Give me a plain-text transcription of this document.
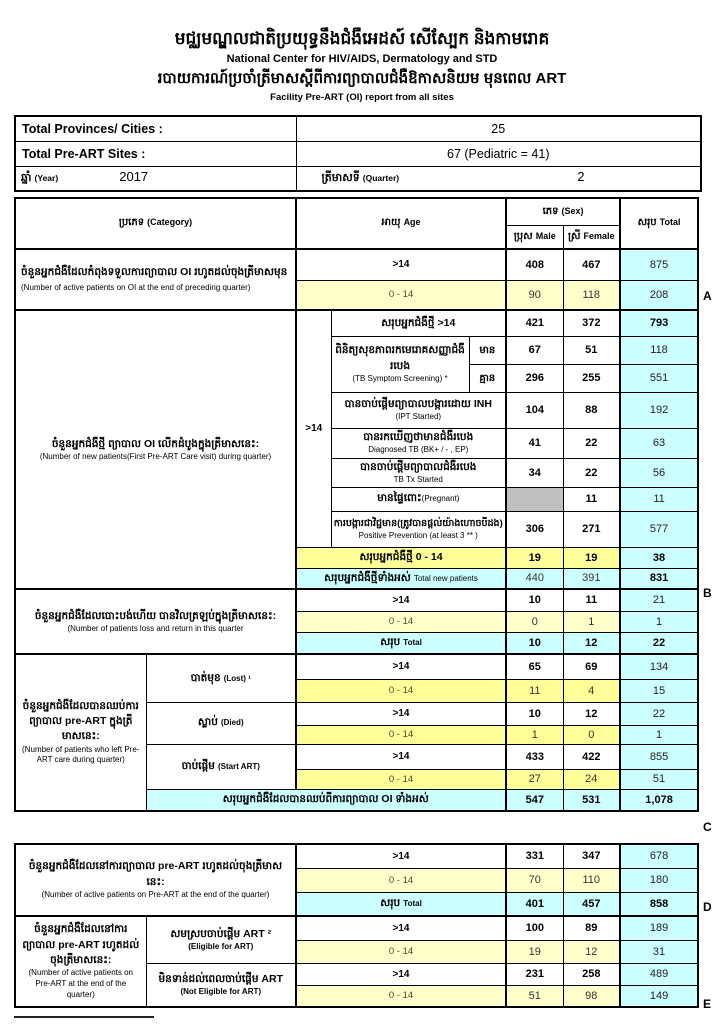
មជ្ឈមណ្ឌលជាតិប្រយុទ្ធនឹងជំងឺអេដស៍ សើស្បែក និងកាមរោគ
National Center for HIV/AIDS, Dermatology and STD
របាយការណ៍ប្រចាំត្រីមាសស្តីពីការព្យាបាលជំងឺឱកាសនិយម មុនពេល ART
Facility Pre-ART (OI) report from all sites
Total Provinces/ Cities :	25
Total Pre-ART Sites :	67 (Pediatric = 41)
ឆ្នាំ (Year) 2017	ត្រីមាសទី (Quarter) 2
ប្រភេទ (Category)		អាយុ Age			ភេទ (Sex)		សរុប Total
					ប្រុស Male	ស្រី Female	
ចំនួនអ្នកជំងឺដែលកំពុងទទួលការព្យាបាល OI រហូតដល់ចុងត្រីមាសមុន (Number of active patients on OI at the end of preceding quarter)		>14			408	467	875
		0 - 14			90	118	208

ចំនួនអ្នកជំងឺថ្មី ព្យាបាល OI លើកដំបូងក្នុងត្រីមាសនេះ:
(Number of new patients(First Pre-ART Care visit) during quarter)		>14	សរុបអ្នកជំងឺថ្មី >14		421	372	793

			ពិនិត្យសុខភាពរកមេរោគសញ្ញាជំងឺរបេង
(TB Symptom Screening) *	មាន	67	51	118
				គ្មាន	296	255	551

			បានចាប់ផ្តើមព្យាបាលបង្ការដោយ INH
(IPT Started)		104	88	192

			បានរកឃើញថាមានជំងឺរបេង
Diagnosed TB (BK+ / - , EP)		41	22	63

			បានចាប់ផ្តើមព្យាបាលជំងឺរបេង
TB Tx Started		34	22	56
			មានផ្ទៃពោះ(Pregnant)			11	11

			ការបង្ការជាវិជ្ជមាន(ត្រូវបានផ្តល់យ៉ាងហោចបីដង)
Positive Prevention (at least 3 ** )		306	271	577
		សរុបអ្នកជំងឺថ្មី 0 - 14			19	19	38
		សរុបអ្នកជំងឺថ្មីទាំងអស់ Total new patients			440	391	831

ចំនួនអ្នកជំងឺដែលបោះបង់ហើយ បានវិលត្រឡប់ក្នុងត្រីមាសនេះ:
(Number of patients loss and return in this quarter		>14			10	11	21
		0 - 14			0	1	1
		សរុប Total			10	12	22

ចំនួនអ្នកជំងឺដែលបានឈប់ការព្យាបាល pre-ART ក្នុងត្រីមាសនេះ:
(Number of patients who left Pre-ART care during quarter)	បាត់មុខ (Lost) ¹	>14			65	69	134
		0 - 14			11	4	15
	ស្លាប់ (Died)	>14			10	12	22
		0 - 14			1	0	1
	ចាប់ផ្តើម (Start ART)	>14			433	422	855
		0 - 14			27	24	51
	សរុបអ្នកជំងឺដែលបានឈប់ពីការព្យាបាល OI ទាំងអស់				547	531	1,078
ចំនួនអ្នកជំងឺដែលនៅការព្យាបាល pre-ART រហូតដល់ចុងត្រីមាសនេះ:
(Number of active patients on Pre-ART at the end of the quarter)		>14	331	347	678
		0 - 14	70	110	180
		សរុប Total	401	457	858

ចំនួនអ្នកជំងឺដែលនៅការព្យាបាល pre-ART រហូតដល់ចុងត្រីមាសនេះ:
(Number of active patients on Pre-ART at the end of the quarter)	សមស្របចាប់ផ្តើម ART ²
(Eligible for ART)	>14	100	89	189
		0 - 14	19	12	31

	មិនទាន់ដល់ពេលចាប់ផ្តើម ART
(Not Eligible for ART)	>14	231	258	489
		0 - 14	51	98	149
A
B
C
D
E
